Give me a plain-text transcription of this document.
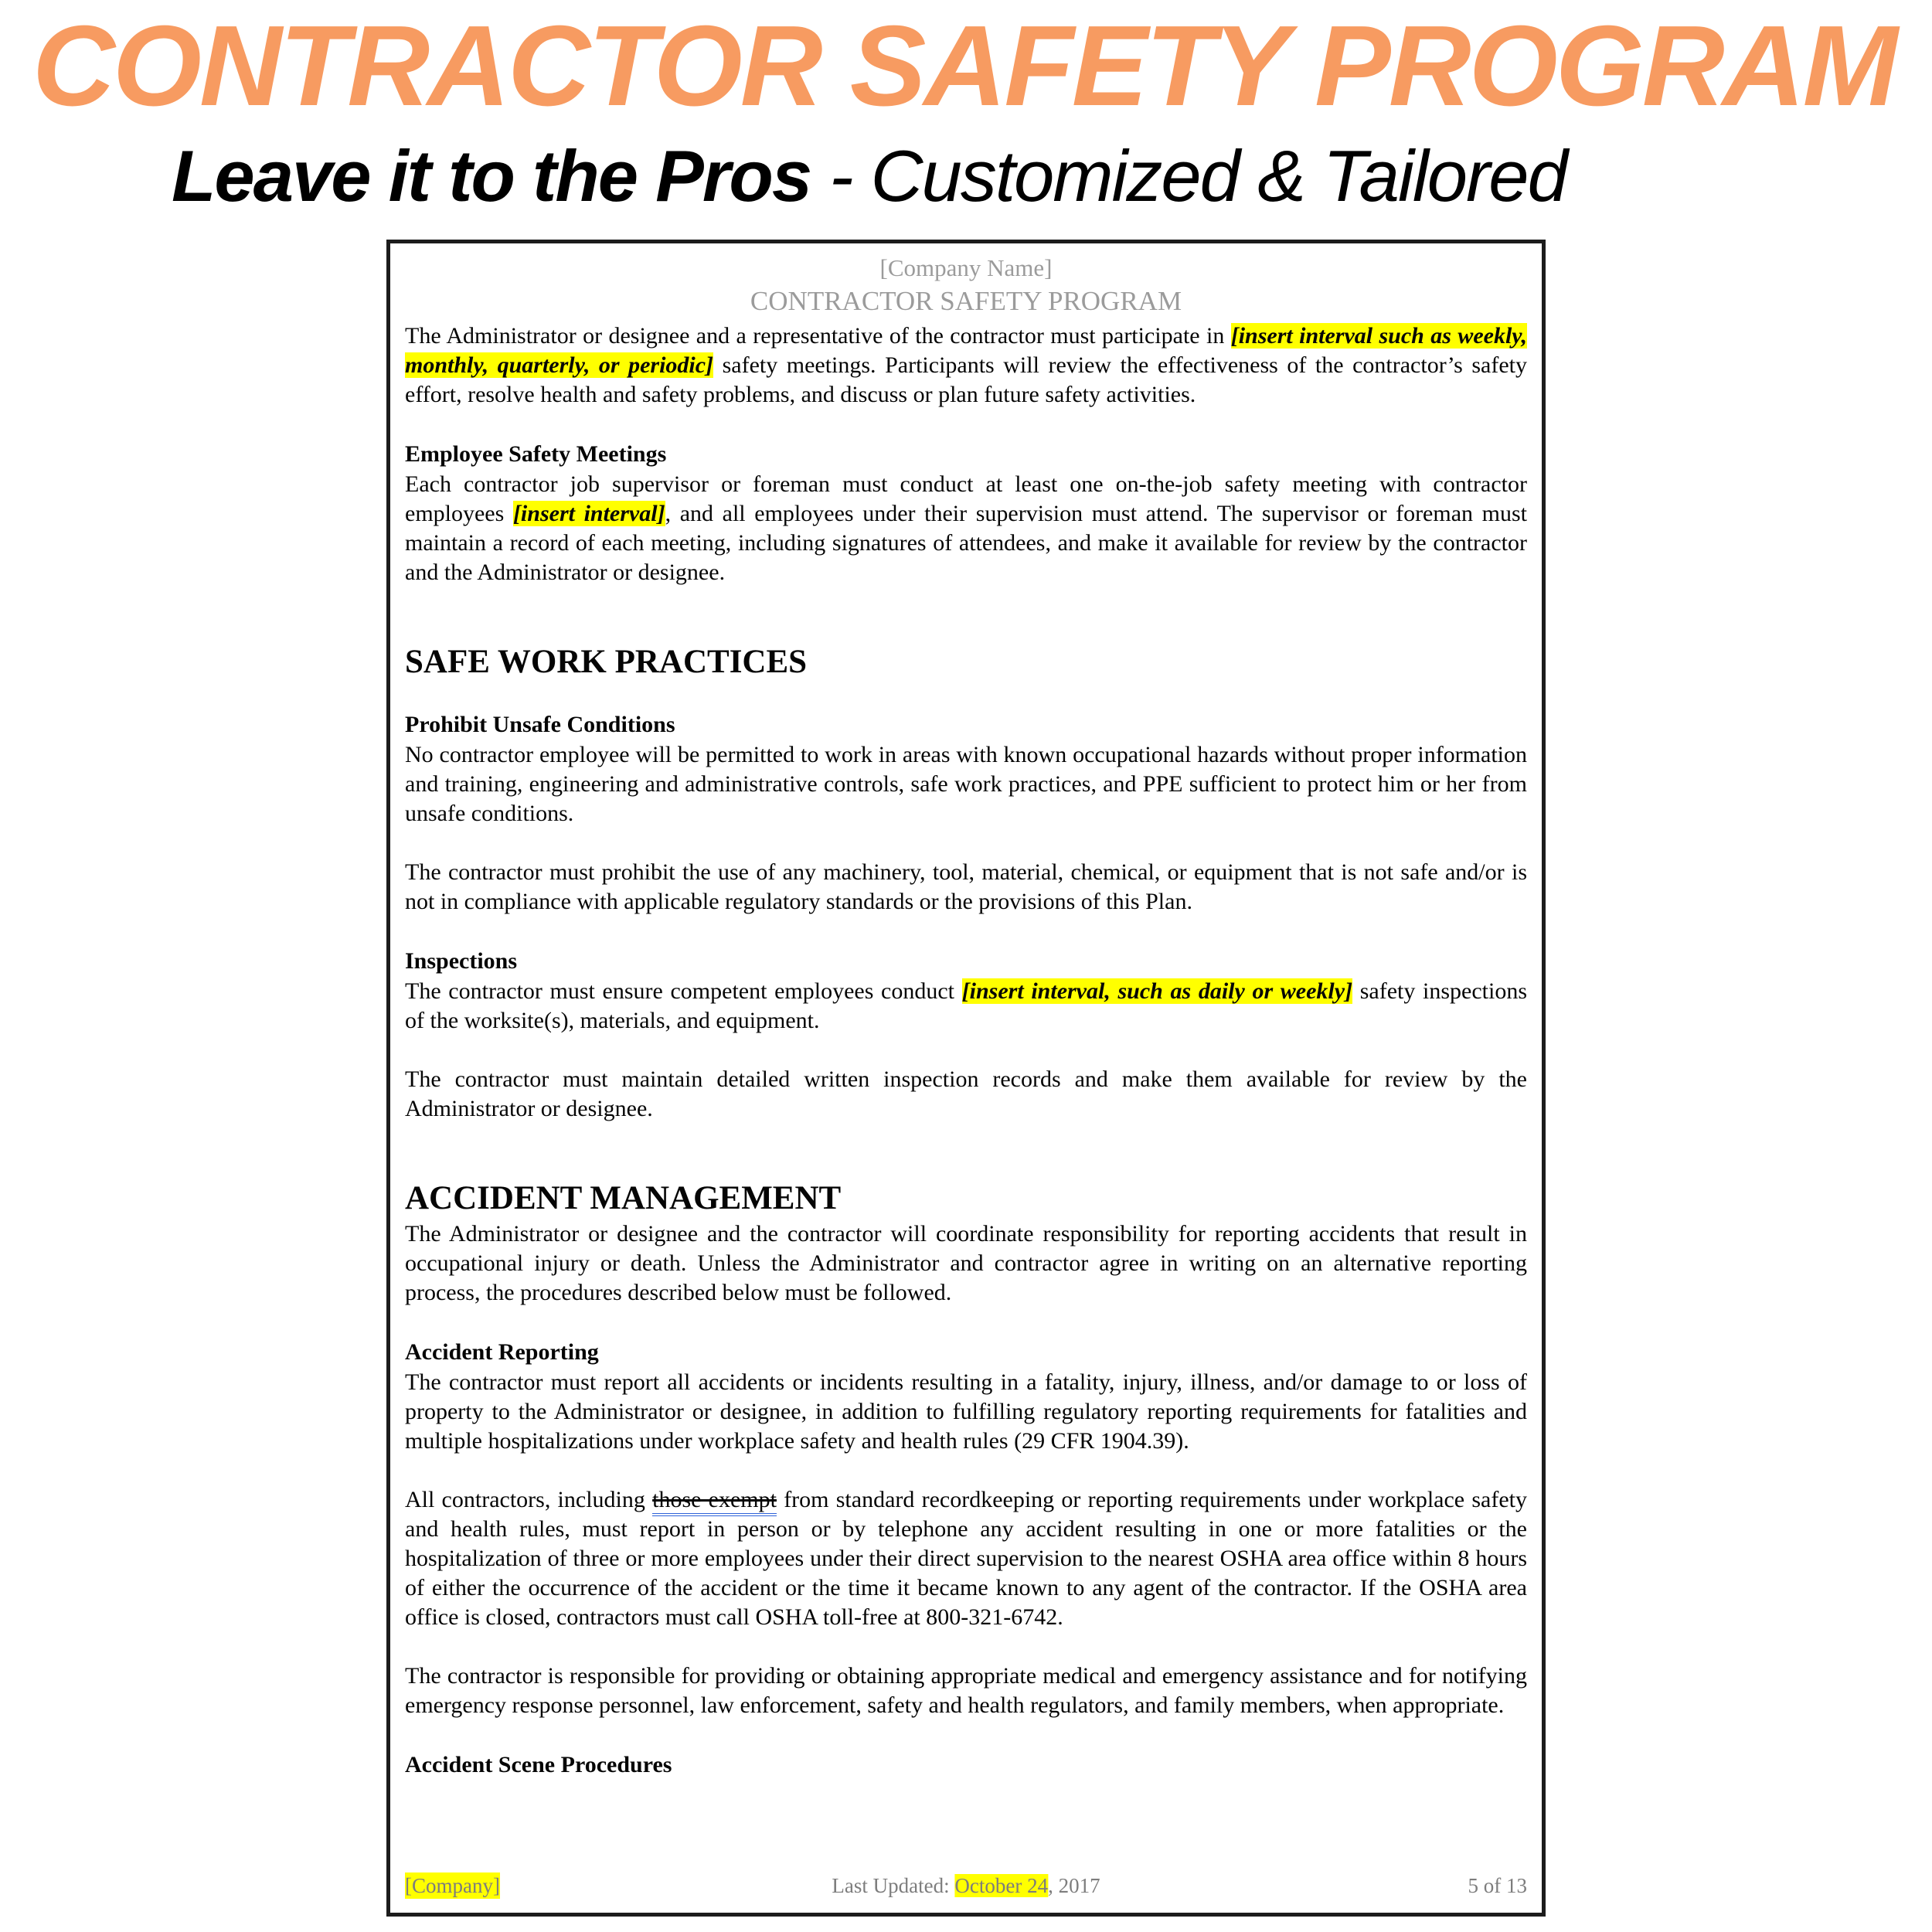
CONTRACTOR SAFETY PROGRAM
Leave it to the Pros - Customized & Tailored
[Company Name]
CONTRACTOR SAFETY PROGRAM
The Administrator or designee and a representative of the contractor must participate in [insert interval such as weekly, monthly, quarterly, or periodic] safety meetings. Participants will review the effectiveness of the contractor’s safety effort, resolve health and safety problems, and discuss or plan future safety activities.
Employee Safety Meetings
Each contractor job supervisor or foreman must conduct at least one on-the-job safety meeting with contractor employees [insert interval], and all employees under their supervision must attend. The supervisor or foreman must maintain a record of each meeting, including signatures of attendees, and make it available for review by the contractor and the Administrator or designee.
SAFE WORK PRACTICES
Prohibit Unsafe Conditions
No contractor employee will be permitted to work in areas with known occupational hazards without proper information and training, engineering and administrative controls, safe work practices, and PPE sufficient to protect him or her from unsafe conditions.
The contractor must prohibit the use of any machinery, tool, material, chemical, or equipment that is not safe and/or is not in compliance with applicable regulatory standards or the provisions of this Plan.
Inspections
The contractor must ensure competent employees conduct [insert interval, such as daily or weekly] safety inspections of the worksite(s), materials, and equipment.
The contractor must maintain detailed written inspection records and make them available for review by the Administrator or designee.
ACCIDENT MANAGEMENT
The Administrator or designee and the contractor will coordinate responsibility for reporting accidents that result in occupational injury or death. Unless the Administrator and contractor agree in writing on an alternative reporting process, the procedures described below must be followed.
Accident Reporting
The contractor must report all accidents or incidents resulting in a fatality, injury, illness, and/or damage to or loss of property to the Administrator or designee, in addition to fulfilling regulatory reporting requirements for fatalities and multiple hospitalizations under workplace safety and health rules (29 CFR 1904.39).
All contractors, including those exempt from standard recordkeeping or reporting requirements under workplace safety and health rules, must report in person or by telephone any accident resulting in one or more fatalities or the hospitalization of three or more employees under their direct supervision to the nearest OSHA area office within 8 hours of either the occurrence of the accident or the time it became known to any agent of the contractor. If the OSHA area office is closed, contractors must call OSHA toll-free at 800-321-6742.
The contractor is responsible for providing or obtaining appropriate medical and emergency assistance and for notifying emergency response personnel, law enforcement, safety and health regulators, and family members, when appropriate.
Accident Scene Procedures
[Company]	Last Updated: October 24, 2017	5 of 13
